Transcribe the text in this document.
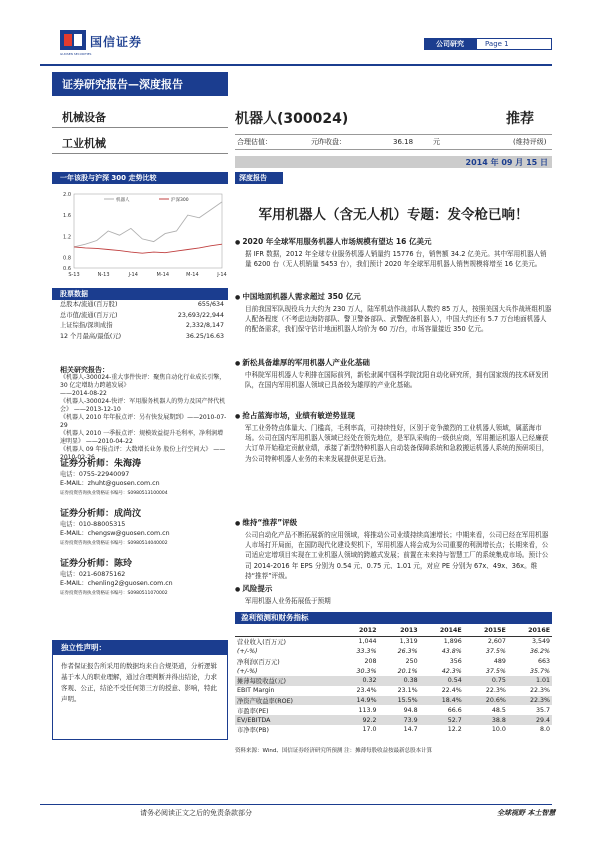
国信证券
GUOSEN SECURITIES
公司研究	Page 1
证券研究报告—深度报告
机械设备
工业机械
一年该股与沪深 300 走势比较
2.0
1.6
1.2
0.8
0.6
S-13	N-13	J-14	M-14	M-14	J-14
机器人	沪深300
股票数据
总股本/流通(百万股)	655/634
总市值/流通(百万元)	23,693/22,944
上证综指/深圳成指	2,332/8,147
12 个月最高/最低(元)	36.25/16.63
相关研究报告：
《机器人-300024-重大事件快评：聚焦自动化行业成长引擎，30 亿定增助力跨越发展》
——2014-08-22
《机器人-300024-快评：军用服务机器人的势力及国产替代机会》 ——2013-12-10
《机器人 2010 年年报点评：另有快发展期到》——2010-07-29
《机器人 2010 一季报点评：规模效益提升毛利率，净利润增速明显》 ——2010-04-22
《机器人 09 年报点评：大数增长业务 股份上行空间大》 ——2010-02-26
证券分析师：朱海涛
电话：0755-22940097
E-MAIL：zhuht@guosen.com.cn
证券投资咨询执业资格证书编号：S0980513100004
证券分析师：成尚汶
电话：010-88005315
E-MAIL：chengsw@guosen.com.cn
证券投资咨询执业资格证书编号：S0980514040002
证券分析师：陈玲
电话：021-60875162
E-MAIL：chenling2@guosen.com.cn
证券投资咨询执业资格证书编号：S0980511070002
独立性声明：
作者保证报告所采用的数据均来自合规渠道，分析逻辑基于本人的职业理解，通过合理判断并得出结论，力求客观、公正，结论不受任何第三方的授意、影响，特此声明。
机器人(300024)	推荐
合理估值：	元昨收盘：	36.18	元	(维持评级)
2014 年 09 月 15 日
深度报告
军用机器人（含无人机）专题：发令枪已响！
● 2020 年全球军用服务机器人市场规模有望达 16 亿美元
据 IFR 数据，2012 年全球专业服务机器人销量约 15776 台，销售额 34.2 亿美元。其中军用机器人销量 6200 台（无人机销量 5453 台），我们预计 2020 年全球军用机器人销售规模将增至 16 亿美元。
● 中国地面机器人需求超过 350 亿元
目前我国军队现役兵力大约为 230 万人，陆军机动作战部队人数约 85 万人，按照美国大兵作战班组机器人配备程度（不考虑边海防部队、警卫警备部队、武警配备机器人），中国大约还有 5.7 万台地面机器人的配备需求，我们保守估计地面机器人均价为 60 万/台，市场容量接近 350 亿元。
● 新松具备雄厚的军用机器人产业化基础
中科院军用机器人专利排在国际前列，新松隶属中国科学院沈阳自动化研究所，拥有国家级的技术研发团队，在国内军用机器人领域已具备较为雄厚的产业化基础。
● 抢占蓝海市场，业绩有敏逆势显现
军工业务特点体量大、门槛高，毛利率高，可持续性好，区别于竞争激烈的工业机器人领域，属蓝海市场。公司在国内军用机器人领域已经处在领先地位，是军队采购的一级供应商，军用搬运机器人已经廉获大订单开始稳定贡献业绩，承接了新型特种机器人自动装备保障系统和急救搬运机器人系统的预研项目，为公司特种机器人业务的未来发展提供更足后劲。
● 维持“推荐”评级
公司自动化产品不断拓展新的应用领域，将推动公司业绩持续高速增长；中期来看，公司已经在军用机器人市场打开局面，在国防现代化建设契机下，军用机器人将会成为公司重要的利润增长点；长期来看，公司适应定增项目实现在工业机器人领域的跨越式发展；前置在未来持与智慧工厂的系统集成市场。预计公司 2014-2016 年 EPS 分别为 0.54 元、0.75 元、1.01 元，对应 PE 分别为 67x、49x、36x。维持“推荐”评级。
● 风险提示
军用机器人业务拓展低于预期
盈利预测和财务指标
	2012	2013	2014E	2015E	2016E
营业收入(百万元)	1,044	1,319	1,896	2,607	3,549
(+/-%)	33.3%	26.3%	43.8%	37.5%	36.2%
净利润(百万元)	208	250	356	489	663
(+/-%)	30.3%	20.1%	42.3%	37.5%	35.7%
摊薄每股收益(元)	0.32	0.38	0.54	0.75	1.01
EBIT Margin	23.4%	23.1%	22.4%	22.3%	22.3%
净资产收益率(ROE)	14.9%	15.5%	18.4%	20.6%	22.3%
市盈率(PE)	113.9	94.8	66.6	48.5	35.7
EV/EBITDA	92.2	73.9	52.7	38.8	29.4
市净率(PB)	17.0	14.7	12.2	10.0	8.0
资料来源：Wind、国信证券经济研究所预测 注：摊薄每股收益按最新总股本计算
请务必阅读正文之后的免责条款部分	全球视野 本土智慧
